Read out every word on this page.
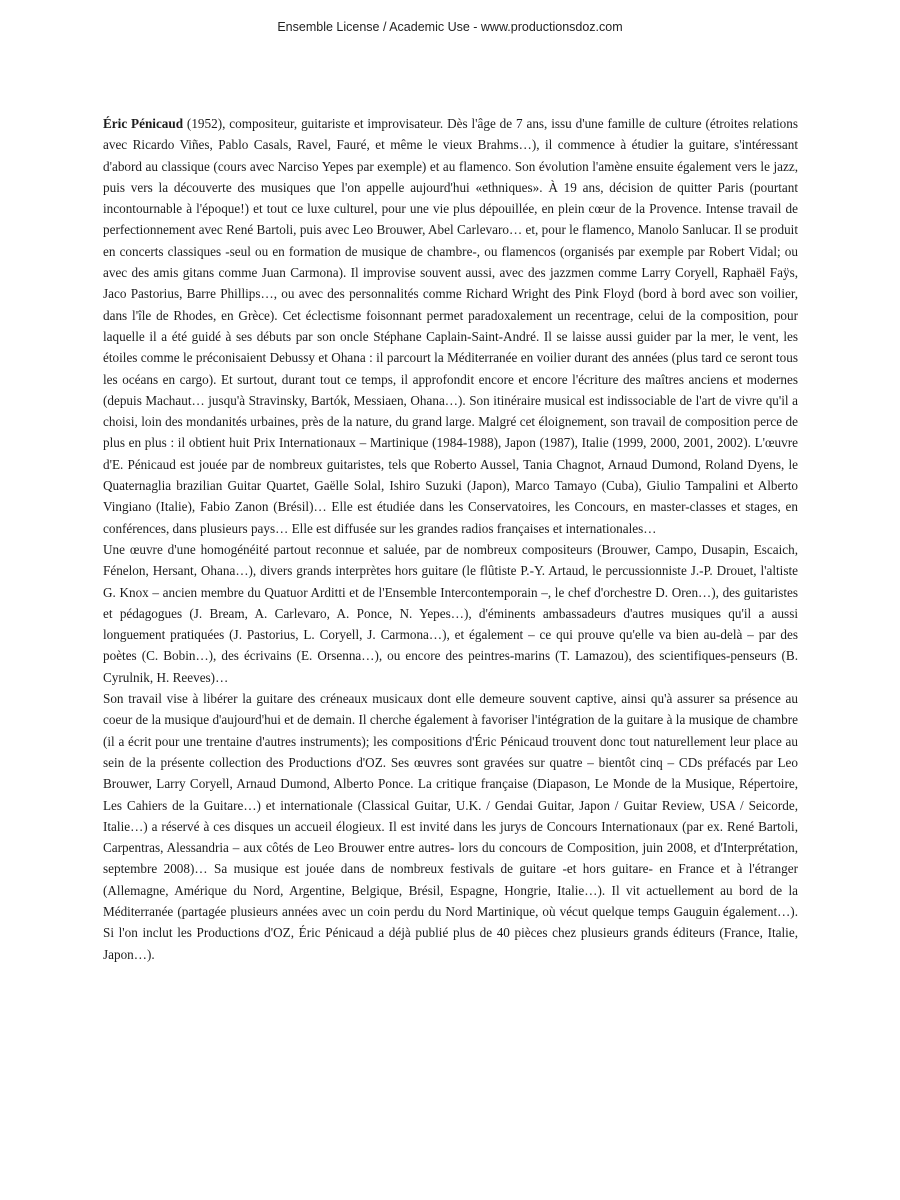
Ensemble License / Academic Use - www.productionsdoz.com

Éric Pénicaud (1952), compositeur, guitariste et improvisateur. Dès l'âge de 7 ans, issu d'une famille de culture (étroites relations avec Ricardo Viñes, Pablo Casals, Ravel, Fauré, et même le vieux Brahms…), il commence à étudier la guitare, s'intéressant d'abord au classique (cours avec Narciso Yepes par exemple) et au flamenco. Son évolution l'amène ensuite également vers le jazz, puis vers la découverte des musiques que l'on appelle aujourd'hui «ethniques». À 19 ans, décision de quitter Paris (pourtant incontournable à l'époque!) et tout ce luxe culturel, pour une vie plus dépouillée, en plein cœur de la Provence. Intense travail de perfectionnement avec René Bartoli, puis avec Leo Brouwer, Abel Carlevaro… et, pour le flamenco, Manolo Sanlucar. Il se produit en concerts classiques -seul ou en formation de musique de chambre-, ou flamencos (organisés par exemple par Robert Vidal; ou avec des amis gitans comme Juan Carmona). Il improvise souvent aussi, avec des jazzmen comme Larry Coryell, Raphaël Faÿs, Jaco Pastorius, Barre Phillips…, ou avec des personnalités comme Richard Wright des Pink Floyd (bord à bord avec son voilier, dans l'île de Rhodes, en Grèce). Cet éclectisme foisonnant permet paradoxalement un recentrage, celui de la composition, pour laquelle il a été guidé à ses débuts par son oncle Stéphane Caplain-Saint-André. Il se laisse aussi guider par la mer, le vent, les étoiles comme le préconisaient Debussy et Ohana : il parcourt la Méditerranée en voilier durant des années (plus tard ce seront tous les océans en cargo). Et surtout, durant tout ce temps, il approfondit encore et encore l'écriture des maîtres anciens et modernes (depuis Machaut… jusqu'à Stravinsky, Bartók, Messiaen, Ohana…). Son itinéraire musical est indissociable de l'art de vivre qu'il a choisi, loin des mondanités urbaines, près de la nature, du grand large. Malgré cet éloignement, son travail de composition perce de plus en plus : il obtient huit Prix Internationaux – Martinique (1984-1988), Japon (1987), Italie (1999, 2000, 2001, 2002). L'œuvre d'E. Pénicaud est jouée par de nombreux guitaristes, tels que Roberto Aussel, Tania Chagnot, Arnaud Dumond, Roland Dyens, le Quaternaglia brazilian Guitar Quartet, Gaëlle Solal, Ishiro Suzuki (Japon), Marco Tamayo (Cuba), Giulio Tampalini et Alberto Vingiano (Italie), Fabio Zanon (Brésil)… Elle est étudiée dans les Conservatoires, les Concours, en master-classes et stages, en conférences, dans plusieurs pays… Elle est diffusée sur les grandes radios françaises et internationales…

Une œuvre d'une homogénéité partout reconnue et saluée, par de nombreux compositeurs (Brouwer, Campo, Dusapin, Escaich, Fénelon, Hersant, Ohana…), divers grands interprètes hors guitare (le flûtiste P.-Y. Artaud, le percussionniste J.-P. Drouet, l'altiste G. Knox – ancien membre du Quatuor Arditti et de l'Ensemble Intercontemporain –, le chef d'orchestre D. Oren…), des guitaristes et pédagogues (J. Bream, A. Carlevaro, A. Ponce, N. Yepes…), d'éminents ambassadeurs d'autres musiques qu'il a aussi longuement pratiquées (J. Pastorius, L. Coryell, J. Carmona…), et également – ce qui prouve qu'elle va bien au-delà – par des poètes (C. Bobin…), des écrivains (E. Orsenna…), ou encore des peintres-marins (T. Lamazou), des scientifiques-penseurs (B. Cyrulnik, H. Reeves)…

Son travail vise à libérer la guitare des créneaux musicaux dont elle demeure souvent captive, ainsi qu'à assurer sa présence au coeur de la musique d'aujourd'hui et de demain. Il cherche également à favoriser l'intégration de la guitare à la musique de chambre (il a écrit pour une trentaine d'autres instruments); les compositions d'Éric Pénicaud trouvent donc tout naturellement leur place au sein de la présente collection des Productions d'OZ. Ses œuvres sont gravées sur quatre – bientôt cinq – CDs préfacés par Leo Brouwer, Larry Coryell, Arnaud Dumond, Alberto Ponce. La critique française (Diapason, Le Monde de la Musique, Répertoire, Les Cahiers de la Guitare…) et internationale (Classical Guitar, U.K. / Gendai Guitar, Japon / Guitar Review, USA / Seicorde, Italie…) a réservé à ces disques un accueil élogieux. Il est invité dans les jurys de Concours Internationaux (par ex. René Bartoli, Carpentras, Alessandria – aux côtés de Leo Brouwer entre autres- lors du concours de Composition, juin 2008, et d'Interprétation, septembre 2008)… Sa musique est jouée dans de nombreux festivals de guitare -et hors guitare- en France et à l'étranger (Allemagne, Amérique du Nord, Argentine, Belgique, Brésil, Espagne, Hongrie, Italie…). Il vit actuellement au bord de la Méditerranée (partagée plusieurs années avec un coin perdu du Nord Martinique, où vécut quelque temps Gauguin également…). Si l'on inclut les Productions d'OZ, Éric Pénicaud a déjà publié plus de 40 pièces chez plusieurs grands éditeurs (France, Italie, Japon…).
